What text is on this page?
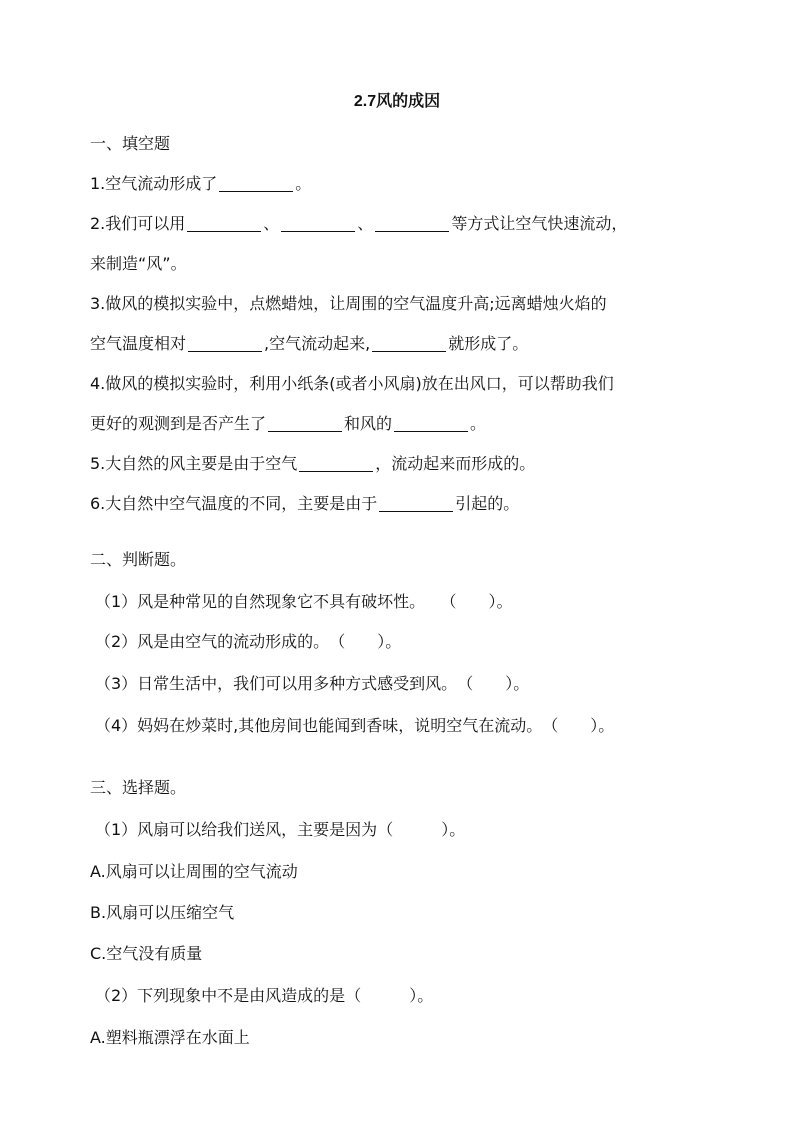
2.7风的成因
一、填空题
1.空气流动形成了	。
2.我们可以用	、	、	等方式让空气快速流动，
来制造“风”。
3.做风的模拟实验中，点燃蜡烛，让周围的空气温度升高;远离蜡烛火焰的
空气温度相对	,空气流动起来,	就形成了。
4.做风的模拟实验时，利用小纸条(或者小风扇)放在出风口，可以帮助我们
更好的观测到是否产生了	和风的	。
5.大自然的风主要是由于空气	，流动起来而形成的。
6.大自然中空气温度的不同，主要是由于	引起的。
二、判断题。
（1）风是种常见的自然现象它不具有破坏性。 （　　）。
（2）风是由空气的流动形成的。（　　）。
（3）日常生活中，我们可以用多种方式感受到风。（　　）。
（4）妈妈在炒菜时,其他房间也能闻到香味，说明空气在流动。（　　）。
三、选择题。
（1）风扇可以给我们送风，主要是因为（　　　）。
A.风扇可以让周围的空气流动
B.风扇可以压缩空气
C.空气没有质量
（2）下列现象中不是由风造成的是（　　　）。
A.塑料瓶漂浮在水面上
